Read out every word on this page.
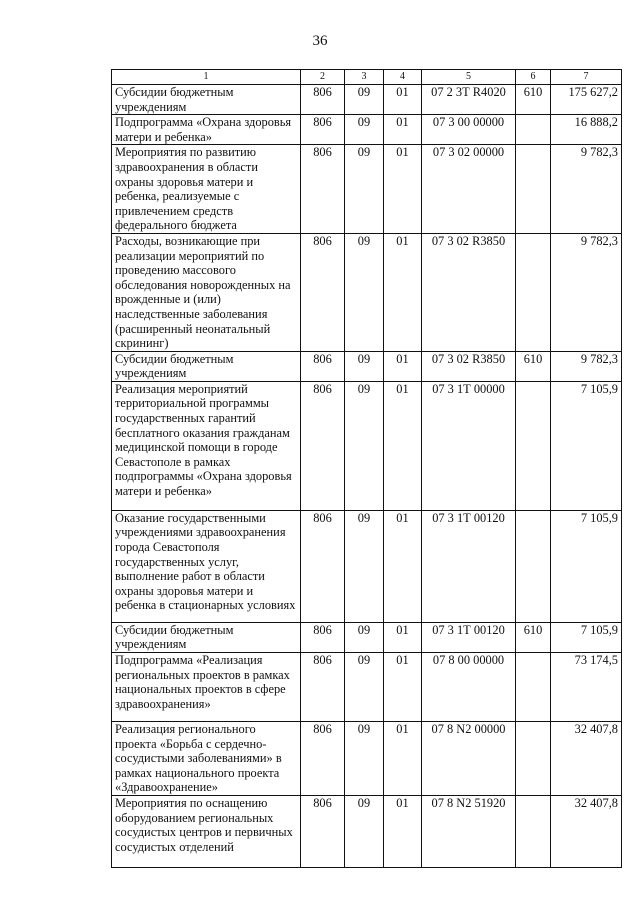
36
1	2	3	4	5	6	7
Субсидии бюджетным учреждениям	806	09	01	07 2 3Т R4020	610	175 627,2
Подпрограмма «Охрана здоровья матери и ребенка»	806	09	01	07 3 00 00000		16 888,2
Мероприятия по развитию здравоохранения в области охраны здоровья матери и ребенка, реализуемые с привлечением средств федерального бюджета	806	09	01	07 3 02 00000		9 782,3
Расходы, возникающие при реализации мероприятий по проведению массового обследования новорожденных на врожденные и (или) наследственные заболевания (расширенный неонатальный скрининг)	806	09	01	07 3 02 R3850		9 782,3
Субсидии бюджетным учреждениям	806	09	01	07 3 02 R3850	610	9 782,3
Реализация мероприятий территориальной программы государственных гарантий бесплатного оказания гражданам медицинской помощи в городе Севастополе в рамках подпрограммы «Охрана здоровья матери и ребенка»	806	09	01	07 3 1Т 00000		7 105,9
Оказание государственными учреждениями здравоохранения города Севастополя государственных услуг, выполнение работ в области охраны здоровья матери и ребенка в стационарных условиях	806	09	01	07 3 1Т 00120		7 105,9
Субсидии бюджетным учреждениям	806	09	01	07 3 1Т 00120	610	7 105,9
Подпрограмма «Реализация региональных проектов в рамках национальных проектов в сфере здравоохранения»	806	09	01	07 8 00 00000		73 174,5
Реализация регионального проекта «Борьба с сердечно-сосудистыми заболеваниями» в рамках национального проекта «Здравоохранение»	806	09	01	07 8 N2 00000		32 407,8
Мероприятия по оснащению оборудованием региональных сосудистых центров и первичных сосудистых отделений	806	09	01	07 8 N2 51920		32 407,8
